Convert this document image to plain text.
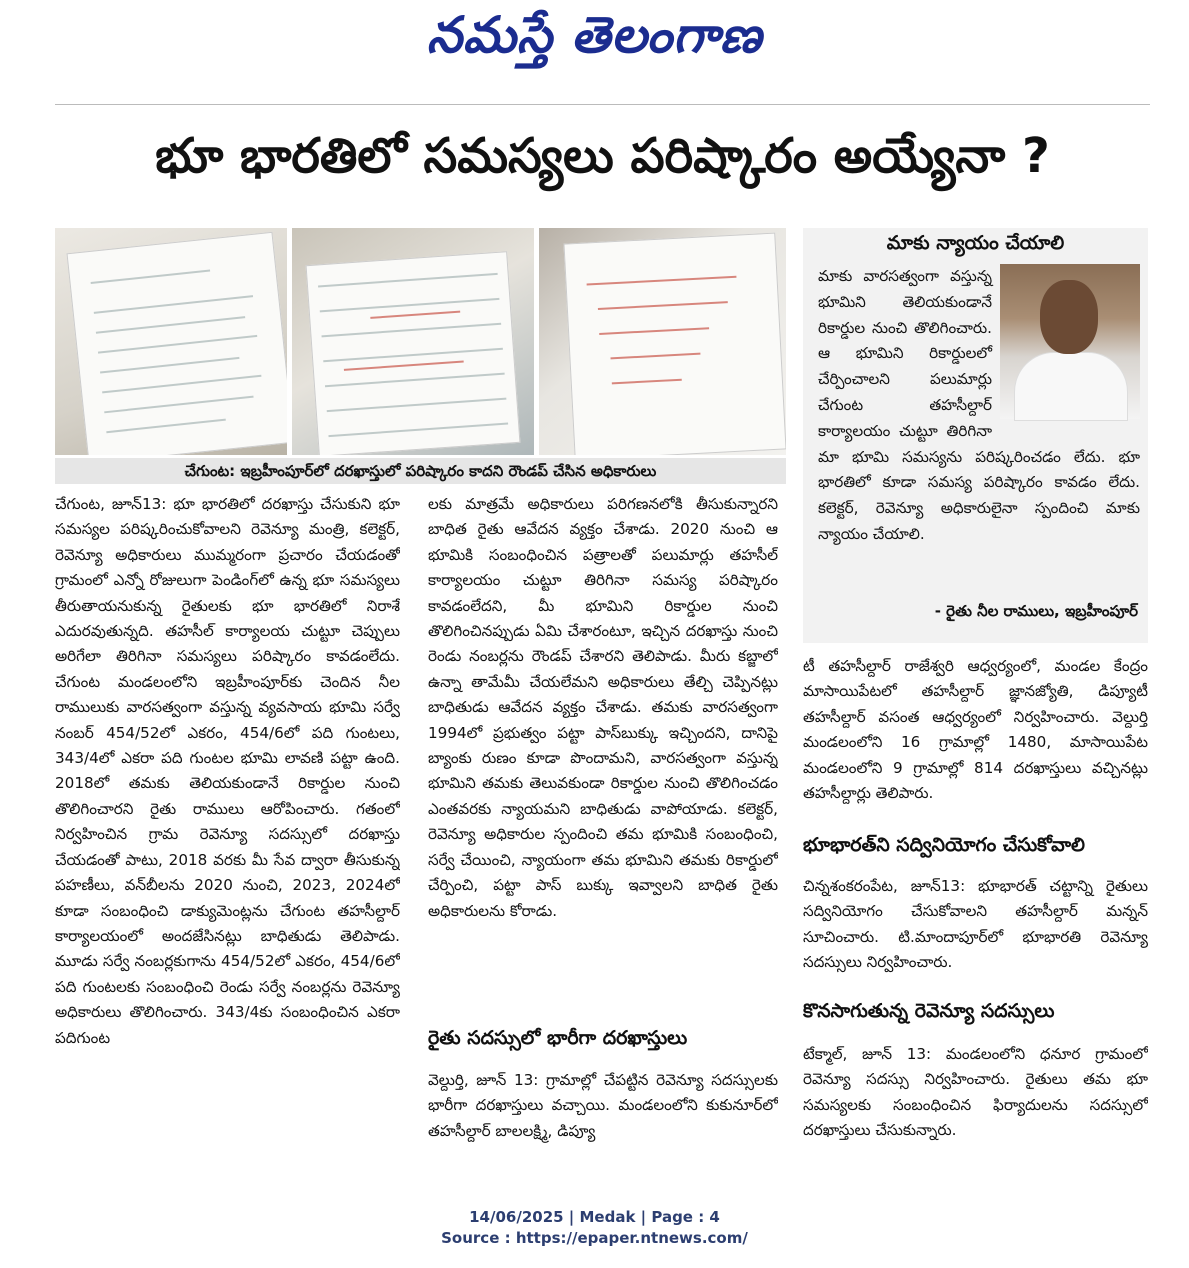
నమస్తే తెలంగాణ
భూ భారతిలో సమస్యలు పరిష్కారం అయ్యేనా ?
చేగుంట: ఇబ్రహీంపూర్‌లో దరఖాస్తులో పరిష్కారం కాదని రౌండప్‌ చేసిన అధికారులు

చేగుంట, జూన్13: భూ భారతిలో దరఖాస్తు చేసుకుని భూ సమస్యల పరిష్కరించుకోవాలని రెవెన్యూ మంత్రి, కలెక్టర్‌, రెవెన్యూ అధికారులు ముమ్మరంగా ప్రచారం చేయడంతో గ్రామంలో ఎన్నో రోజులుగా పెండింగ్‌లో ఉన్న భూ సమస్యలు తీరుతాయనుకున్న రైతులకు భూ భారతిలో నిరాశే ఎదురవుతున్నది. తహసీల్‌ కార్యాలయ చుట్టూ చెప్పులు అరిగేలా తిరిగినా సమస్యలు పరిష్కారం కావడంలేదు. చేగుంట మండలంలోని ఇబ్రహీంపూర్‌కు చెందిన నీల రాములుకు వారసత్వంగా వస్తున్న వ్యవసాయ భూమి సర్వే నంబర్‌ 454/52లో ఎకరం, 454/6లో పది గుంటలు, 343/4లో ఎకరా పది గుంటల భూమి లావణి పట్టా ఉంది. 2018లో తమకు తెలియకుండానే రికార్డుల నుంచి తొలిగించారని రైతు రాములు ఆరోపించారు. గతంలో నిర్వహించిన గ్రామ రెవెన్యూ సదస్సులో దరఖాస్తు చేయడంతో పాటు, 2018 వరకు మీ సేవ ద్వారా తీసుకున్న పహణీలు, వన్‌బీలను 2020 నుంచి, 2023, 2024లో కూడా సంబంధించి డాక్యుమెంట్లను చేగుంట తహసీల్దార్‌ కార్యాలయంలో అందజేసినట్లు బాధితుడు తెలిపాడు. మూడు సర్వే నంబర్లకుగాను 454/52లో ఎకరం, 454/6లో పది గుంటలకు సంబంధించి రెండు సర్వే నంబర్లను రెవెన్యూ అధికారులు తొలిగించారు. 343/4కు సంబంధించిన ఎకరా పదిగుంట

లకు మాత్రమే అధికారులు పరిగణనలోకి తీసుకున్నారని బాధిత రైతు ఆవేదన వ్యక్తం చేశాడు. 2020 నుంచి ఆ భూమికి సంబంధించిన పత్రాలతో పలుమార్లు తహసీల్‌ కార్యాలయం చుట్టూ తిరిగినా సమస్య పరిష్కారం కావడంలేదని, మీ భూమిని రికార్డుల నుంచి తొలిగించినప్పుడు ఏమి చేశారంటూ, ఇచ్చిన దరఖాస్తు నుంచి రెండు నంబర్లను రౌండప్‌ చేశారని తెలిపాడు. మీరు కబ్జాలో ఉన్నా తామేమీ చేయలేమని అధికారులు తేల్చి చెప్పినట్లు బాధితుడు ఆవేదన వ్యక్తం చేశాడు. తమకు వారసత్వంగా 1994లో ప్రభుత్వం పట్టా పాస్‌బుక్కు ఇచ్చిందని, దానిపై బ్యాంకు రుణం కూడా పొందామని, వారసత్వంగా వస్తున్న భూమిని తమకు తెలువకుండా రికార్డుల నుంచి తొలిగించడం ఎంతవరకు న్యాయమని బాధితుడు వాపోయాడు. కలెక్టర్‌, రెవెన్యూ అధికారుల స్పందించి తమ భూమికి సంబంధించి, సర్వే చేయించి, న్యాయంగా తమ భూమిని తమకు రికార్డులో చేర్పించి, పట్టా పాస్‌ బుక్కు ఇవ్వాలని బాధిత రైతు అధికారులను కోరాడు.

రైతు సదస్సులో భారీగా దరఖాస్తులు

వెల్దుర్తి, జూన్‌ 13: గ్రామాల్లో చేపట్టిన రెవెన్యూ సదస్సులకు భారీగా దరఖాస్తులు వచ్చాయి. మండలంలోని కుకునూర్‌లో తహసీల్దార్‌ బాలలక్ష్మి, డిప్యూ

మాకు న్యాయం చేయాలి
మాకు వారసత్వంగా వస్తున్న భూమిని తెలియకుండానే రికార్డుల నుంచి తొలిగించారు. ఆ భూమిని రికార్డులలో చేర్పించాలని పలుమార్లు చేగుంట తహసీల్దార్‌ కార్యాలయం చుట్టూ తిరిగినా మా భూమి సమస్యను పరిష్కరించడం లేదు. భూ భారతిలో కూడా సమస్య పరిష్కారం కావడం లేదు. కలెక్టర్‌, రెవెన్యూ అధికారులైనా స్పందించి మాకు న్యాయం చేయాలి.
- రైతు నీల రాములు, ఇబ్రహీంపూర్‌

టీ తహసీల్దార్‌ రాజేశ్వరి ఆధ్వర్యంలో, మండల కేంద్రం మాసాయిపేటలో తహసీల్దార్‌ జ్ఞానజ్యోతి, డిప్యూటీ తహసీల్దార్‌ వసంత ఆధ్వర్యంలో నిర్వహించారు. వెల్దుర్తి మండలంలోని 16 గ్రామాల్లో 1480, మాసాయిపేట మండలంలోని 9 గ్రామాల్లో 814 దరఖాస్తులు వచ్చినట్లు తహసీల్దార్లు తెలిపారు.

భూభారత్‌ని సద్వినియోగం చేసుకోవాలి

చిన్నశంకరంపేట, జూన్13: భూభారత్‌ చట్టాన్ని రైతులు సద్వినియోగం చేసుకోవాలని తహసీల్దార్‌ మన్నన్‌ సూచించారు. టి.మాందాపూర్‌లో భూభారతి రెవెన్యూ సదస్సులు నిర్వహించారు.

కొనసాగుతున్న రెవెన్యూ సదస్సులు

టేక్మాల్‌, జూన్‌ 13: మండలంలోని ధనూర గ్రామంలో రెవెన్యూ సదస్సు నిర్వహించారు. రైతులు తమ భూ సమస్యలకు సంబంధించిన ఫిర్యాదులను సదస్సులో దరఖాస్తులు చేసుకున్నారు.

14/06/2025 | Medak | Page : 4
Source : https://epaper.ntnews.com/
